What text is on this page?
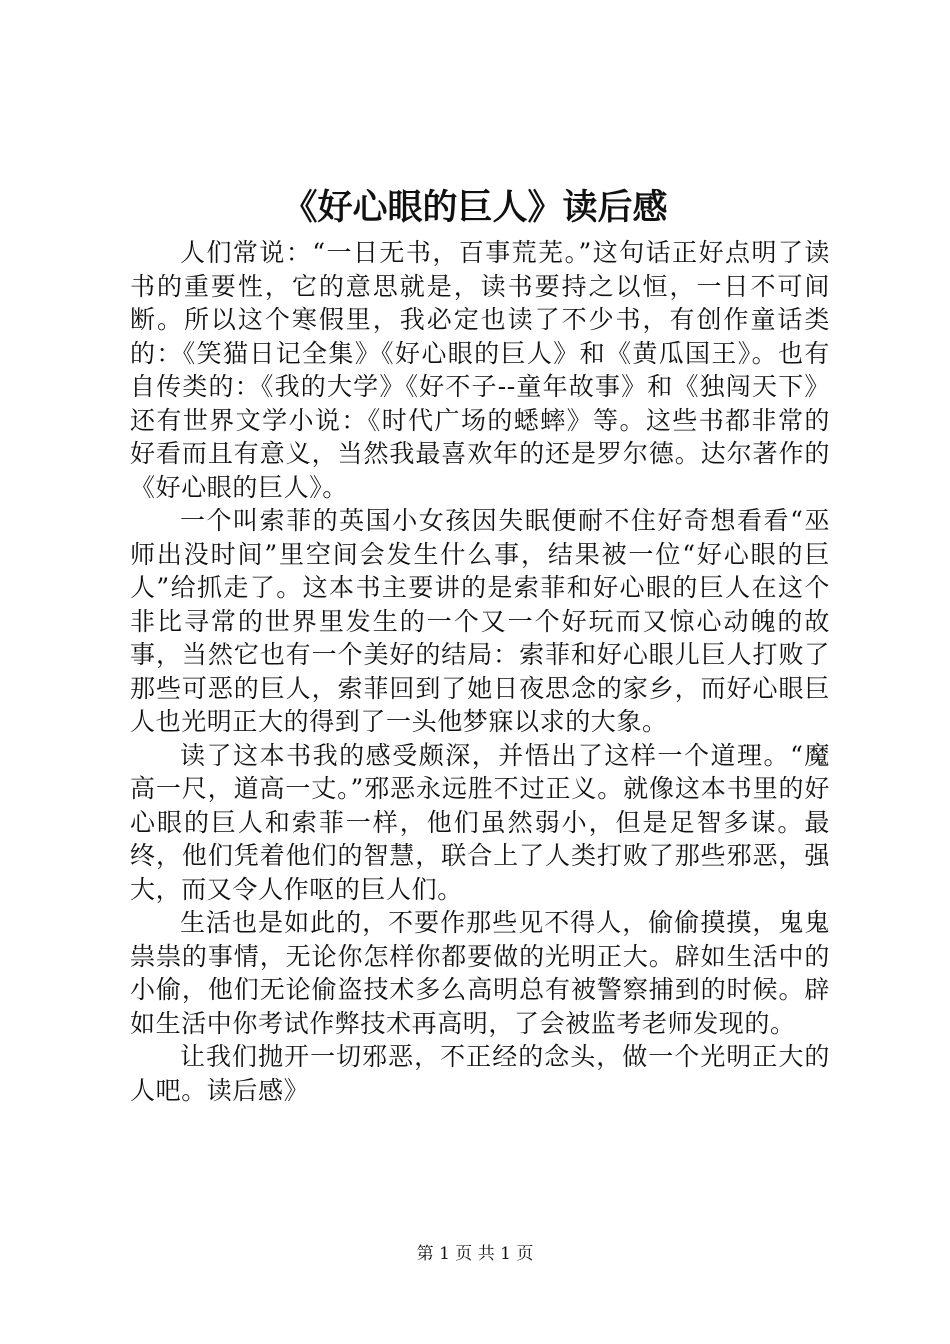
《好心眼的巨人》读后感

人们常说：“一日无书，百事荒芜。”这句话正好点明了读书的重要性，它的意思就是，读书要持之以恒，一日不可间断。所以这个寒假里，我必定也读了不少书，有创作童话类的：《笑猫日记全集》《好心眼的巨人》和《黄瓜国王》。也有自传类的：《我的大学》《好不子--童年故事》和《独闯天下》还有世界文学小说：《时代广场的蟋蟀》等。这些书都非常的好看而且有意义，当然我最喜欢年的还是罗尔德。达尔著作的《好心眼的巨人》。

一个叫索菲的英国小女孩因失眠便耐不住好奇想看看“巫师出没时间”里空间会发生什么事，结果被一位“好心眼的巨人”给抓走了。这本书主要讲的是索菲和好心眼的巨人在这个非比寻常的世界里发生的一个又一个好玩而又惊心动魄的故事，当然它也有一个美好的结局：索菲和好心眼儿巨人打败了那些可恶的巨人，索菲回到了她日夜思念的家乡，而好心眼巨人也光明正大的得到了一头他梦寐以求的大象。

读了这本书我的感受颇深，并悟出了这样一个道理。“魔高一尺，道高一丈。”邪恶永远胜不过正义。就像这本书里的好心眼的巨人和索菲一样，他们虽然弱小，但是足智多谋。最终，他们凭着他们的智慧，联合上了人类打败了那些邪恶，强大，而又令人作呕的巨人们。

生活也是如此的，不要作那些见不得人，偷偷摸摸，鬼鬼祟祟的事情，无论你怎样你都要做的光明正大。辟如生活中的小偷，他们无论偷盗技术多么高明总有被警察捕到的时候。辟如生活中你考试作弊技术再高明，了会被监考老师发现的。

让我们抛开一切邪恶，不正经的念头，做一个光明正大的人吧。读后感》

第 1 页 共 1 页
